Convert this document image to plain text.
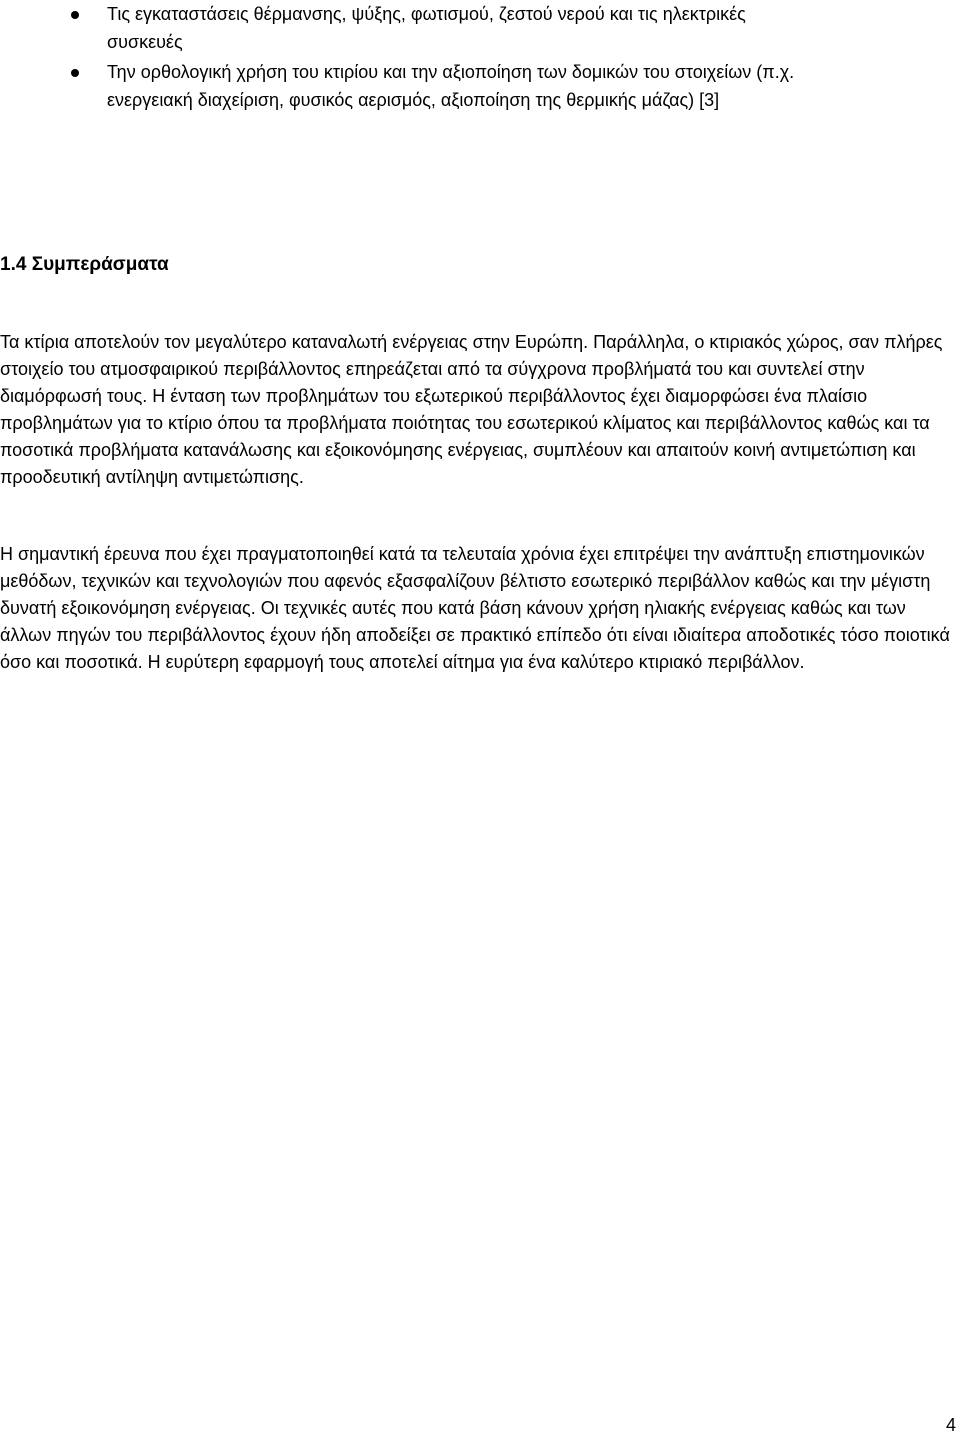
Τις εγκαταστάσεις θέρμανσης, ψύξης, φωτισμού, ζεστού νερού και τις ηλεκτρικές συσκευές
Την ορθολογική χρήση του κτιρίου και την αξιοποίηση των δομικών του στοιχείων (π.χ. ενεργειακή διαχείριση, φυσικός αερισμός, αξιοποίηση της θερμικής μάζας) [3]
1.4 Συμπεράσματα

Τα κτίρια αποτελούν τον μεγαλύτερο καταναλωτή ενέργειας στην Ευρώπη. Παράλληλα, ο κτιριακός χώρος, σαν πλήρες στοιχείο του ατμοσφαιρικού περιβάλλοντος επηρεάζεται από τα σύγχρονα προβλήματά του και συντελεί στην διαμόρφωσή τους. Η ένταση των προβλημάτων του εξωτερικού περιβάλλοντος έχει διαμορφώσει ένα πλαίσιο προβλημάτων για το κτίριο όπου τα προβλήματα ποιότητας του εσωτερικού κλίματος και περιβάλλοντος καθώς και τα ποσοτικά προβλήματα κατανάλωσης και εξοικονόμησης ενέργειας, συμπλέουν και απαιτούν κοινή αντιμετώπιση και προοδευτική αντίληψη αντιμετώπισης.

Η σημαντική έρευνα που έχει πραγματοποιηθεί κατά τα τελευταία χρόνια έχει επιτρέψει την ανάπτυξη επιστημονικών μεθόδων, τεχνικών και τεχνολογιών που αφενός εξασφαλίζουν βέλτιστο εσωτερικό περιβάλλον καθώς και την μέγιστη δυνατή εξοικονόμηση ενέργειας. Οι τεχνικές αυτές που κατά βάση κάνουν χρήση ηλιακής ενέργειας καθώς και των άλλων πηγών του περιβάλλοντος έχουν ήδη αποδείξει σε πρακτικό επίπεδο ότι είναι ιδιαίτερα αποδοτικές τόσο ποιοτικά όσο και ποσοτικά. Η ευρύτερη εφαρμογή τους αποτελεί αίτημα για ένα καλύτερο κτιριακό περιβάλλον.

4
